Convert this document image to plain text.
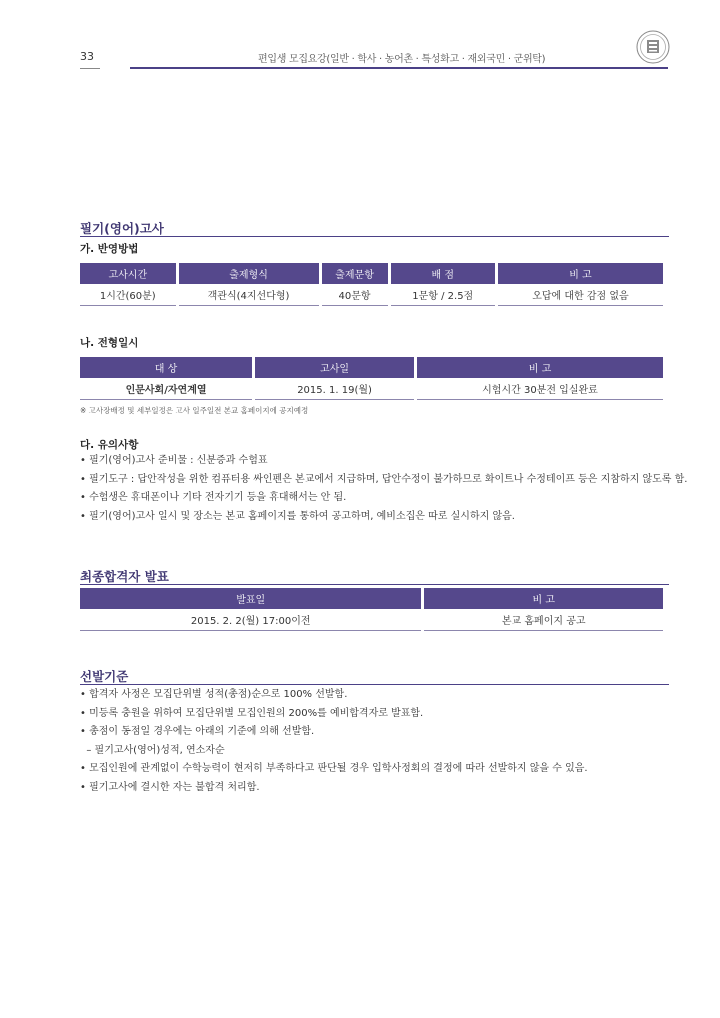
33	편입생 모집요강(일반 · 학사 · 농어촌 · 특성화고 · 재외국민 · 군위탁)
필기(영어)고사
가. 반영방법
고사시간	출제형식	출제문항	배 점	비 고
1시간(60분)	객관식(4지선다형)	40문항	1문항 / 2.5점	오답에 대한 감점 없음
나. 전형일시
대 상	고사일	비 고
인문사회/자연계열	2015. 1. 19(월)	시험시간 30분전 입실완료
※ 고사장배정 및 세부일정은 고사 일주일전 본교 홈페이지에 공지예정
다. 유의사항
• 필기(영어)고사 준비물 : 신분증과 수험표
• 필기도구 : 답안작성을 위한 컴퓨터용 싸인펜은 본교에서 지급하며, 답안수정이 불가하므로 화이트나 수정테이프 등은 지참하지 않도록 함.
• 수험생은 휴대폰이나 기타 전자기기 등을 휴대해서는 안 됨.
• 필기(영어)고사 일시 및 장소는 본교 홈페이지를 통하여 공고하며, 예비소집은 따로 실시하지 않음.
최종합격자 발표
발표일	비 고
2015. 2. 2(월) 17:00이전	본교 홈페이지 공고
선발기준
• 합격자 사정은 모집단위별 성적(총점)순으로 100% 선발함.
• 미등록 충원을 위하여 모집단위별 모집인원의 200%를 예비합격자로 발표함.
• 총점이 동점일 경우에는 아래의 기준에 의해 선발함.
– 필기고사(영어)성적, 연소자순
• 모집인원에 관계없이 수학능력이 현저히 부족하다고 판단될 경우 입학사정회의 결정에 따라 선발하지 않을 수 있음.
• 필기고사에 결시한 자는 불합격 처리함.
